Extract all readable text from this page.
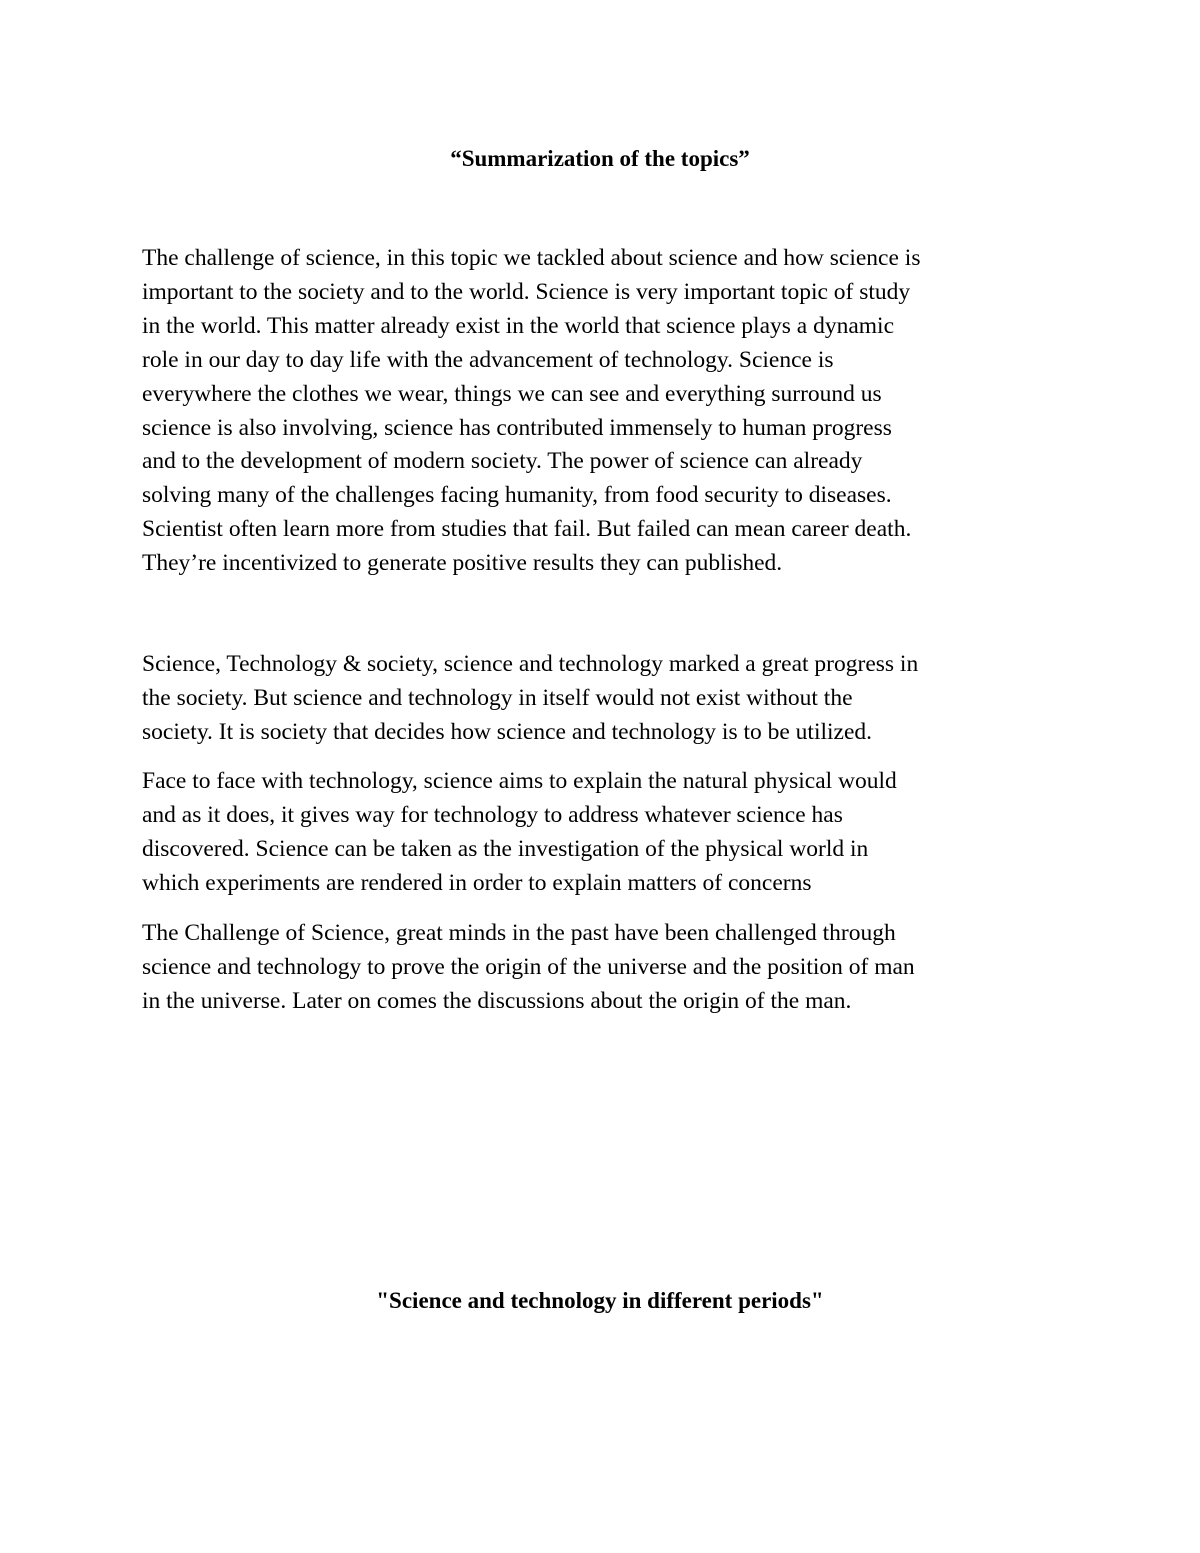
“Summarization of the topics”

The challenge of science, in this topic we tackled about science and how science is
important to the society and to the world. Science is very important topic of study
in the world. This matter already exist in the world that science plays a dynamic
role in our day to day life with the advancement of technology. Science is
everywhere the clothes we wear, things we can see and everything surround us
science is also involving, science has contributed immensely to human progress
and to the development of modern society. The power of science can already
solving many of the challenges facing humanity, from food security to diseases.
Scientist often learn more from studies that fail. But failed can mean career death.
They’re incentivized to generate positive results they can published.

Science, Technology & society, science and technology marked a great progress in
the society. But science and technology in itself would not exist without the
society. It is society that decides how science and technology is to be utilized.

Face to face with technology, science aims to explain the natural physical would
and as it does, it gives way for technology to address whatever science has
discovered. Science can be taken as the investigation of the physical world in
which experiments are rendered in order to explain matters of concerns

The Challenge of Science, great minds in the past have been challenged through
science and technology to prove the origin of the universe and the position of man
in the universe. Later on comes the discussions about the origin of the man.

"Science and technology in different periods"
